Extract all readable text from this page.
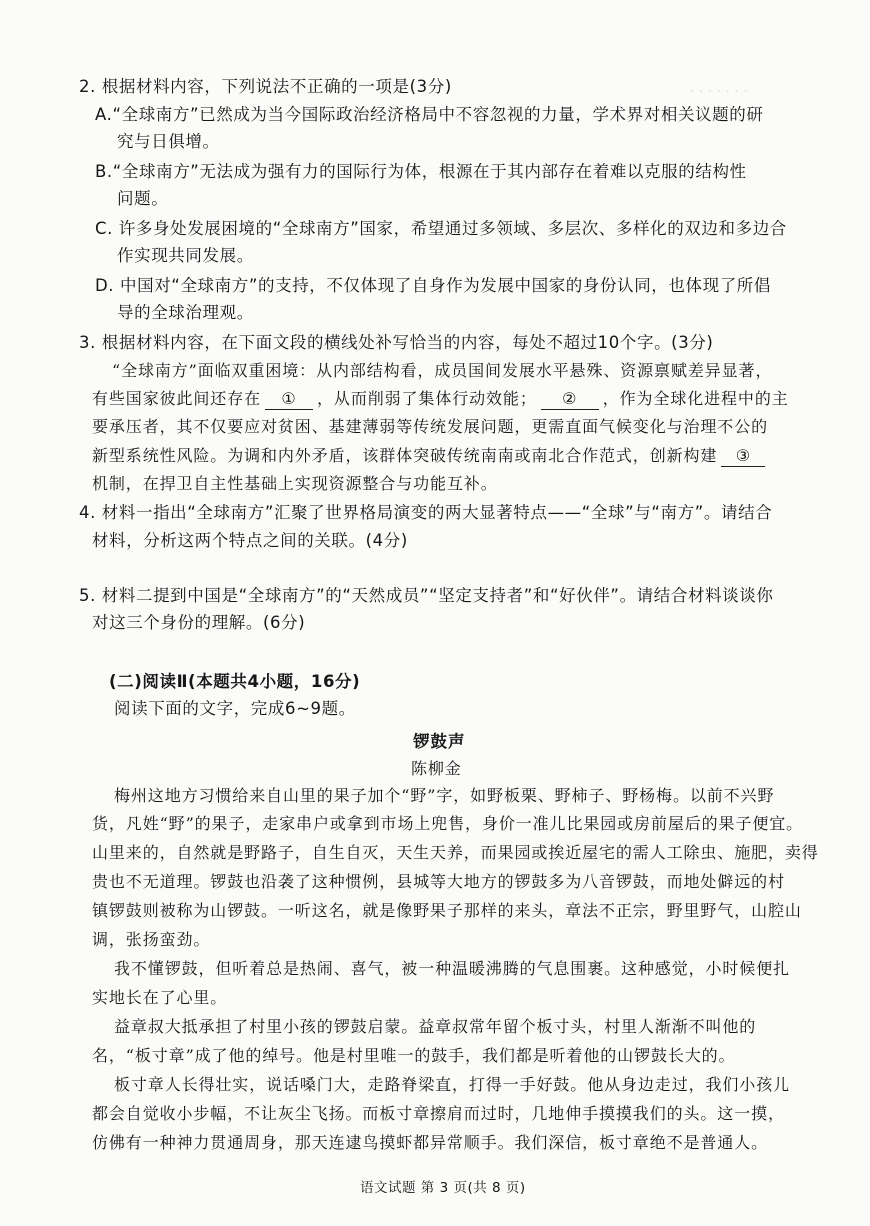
· · · · · · ·
2. 根据材料内容，下列说法不正确的一项是(3分)
A.“全球南方”已然成为当今国际政治经济格局中不容忽视的力量，学术界对相关议题的研
究与日俱增。
B.“全球南方”无法成为强有力的国际行为体，根源在于其内部存在着难以克服的结构性
问题。
C. 许多身处发展困境的“全球南方”国家，希望通过多领域、多层次、多样化的双边和多边合
作实现共同发展。
D. 中国对“全球南方”的支持，不仅体现了自身作为发展中国家的身份认同，也体现了所倡
导的全球治理观。
3. 根据材料内容，在下面文段的横线处补写恰当的内容，每处不超过10个字。(3分)
“全球南方”面临双重困境：从内部结构看，成员国间发展水平悬殊、资源禀赋差异显著，
有些国家彼此间还存在 ① ，从而削弱了集体行动效能； ② ，作为全球化进程中的主
要承压者，其不仅要应对贫困、基建薄弱等传统发展问题，更需直面气候变化与治理不公的
新型系统性风险。为调和内外矛盾，该群体突破传统南南或南北合作范式，创新构建 ③
机制，在捍卫自主性基础上实现资源整合与功能互补。
4. 材料一指出“全球南方”汇聚了世界格局演变的两大显著特点——“全球”与“南方”。请结合
材料，分析这两个特点之间的关联。(4分)
5. 材料二提到中国是“全球南方”的“天然成员”“坚定支持者”和“好伙伴”。请结合材料谈谈你
对这三个身份的理解。(6分)
(二)阅读Ⅱ(本题共4小题，16分)
阅读下面的文字，完成6~9题。
锣鼓声
陈柳金
梅州这地方习惯给来自山里的果子加个“野”字，如野板栗、野柿子、野杨梅。以前不兴野
货，凡姓“野”的果子，走家串户或拿到市场上兜售，身价一准儿比果园或房前屋后的果子便宜。
山里来的，自然就是野路子，自生自灭，天生天养，而果园或挨近屋宅的需人工除虫、施肥，卖得
贵也不无道理。锣鼓也沿袭了这种惯例，县城等大地方的锣鼓多为八音锣鼓，而地处僻远的村
镇锣鼓则被称为山锣鼓。一听这名，就是像野果子那样的来头，章法不正宗，野里野气，山腔山
调，张扬蛮劲。
我不懂锣鼓，但听着总是热闹、喜气，被一种温暖沸腾的气息围裹。这种感觉，小时候便扎
实地长在了心里。
益章叔大抵承担了村里小孩的锣鼓启蒙。益章叔常年留个板寸头，村里人渐渐不叫他的
名，“板寸章”成了他的绰号。他是村里唯一的鼓手，我们都是听着他的山锣鼓长大的。
板寸章人长得壮实，说话嗓门大，走路脊梁直，打得一手好鼓。他从身边走过，我们小孩儿
都会自觉收小步幅，不让灰尘飞扬。而板寸章擦肩而过时，几地伸手摸摸我们的头。这一摸，
仿佛有一种神力贯通周身，那天连逮鸟摸虾都异常顺手。我们深信，板寸章绝不是普通人。
语文试题 第 3 页(共 8 页)
